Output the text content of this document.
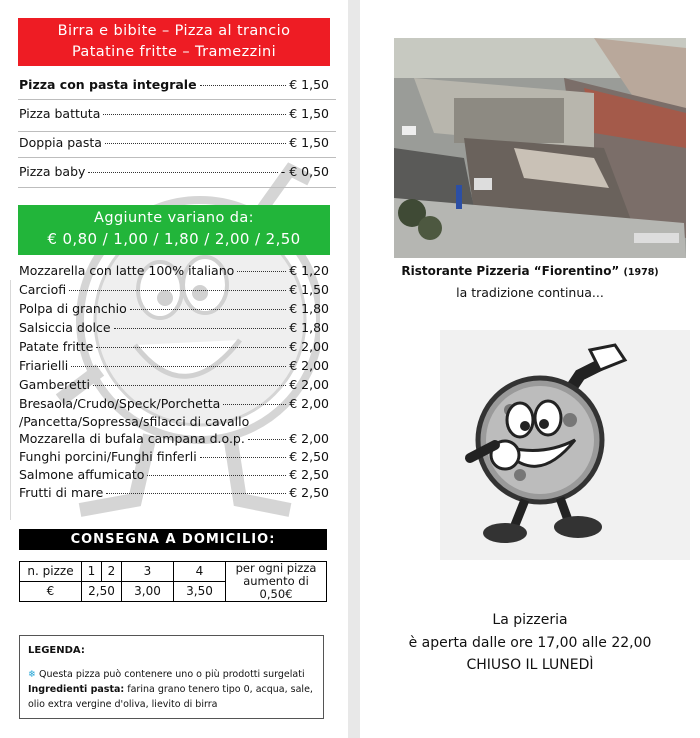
Birra e bibite – Pizza al trancio
Patatine fritte – Tramezzini
Pizza con pasta integrale	€ 1,50
Pizza battuta	€ 1,50
Doppia pasta	€ 1,50
Pizza baby	- € 0,50
Aggiunte variano da:
€ 0,80 / 1,00 / 1,80 / 2,00 / 2,50
Mozzarella con latte 100% italiano	€ 1,20
Carciofi	€ 1,50
Polpa di granchio	€ 1,80
Salsiccia dolce	€ 1,80
Patate fritte	€ 2,00
Friarielli	€ 2,00
Gamberetti	€ 2,00
Bresaola/Crudo/Speck/Porchetta	€ 2,00
/Pancetta/Sopressa/sfilacci di cavallo
Mozzarella di bufala campana d.o.p.	€ 2,00
Funghi porcini/Funghi finferli	€ 2,50
Salmone affumicato	€ 2,50
Frutti di mare	€ 2,50
CONSEGNA A DOMICILIO:
n. pizze	1	2	3	4	per ogni pizza aumento di 0,50€
€	2,50		3,00	3,50	
LEGENDA:
❄ Questa pizza può contenere uno o più prodotti surgelati
Ingredienti pasta: farina grano tenero tipo 0, acqua, sale,
olio extra vergine d'oliva, lievito di birra
Ristorante Pizzeria “Fiorentino” (1978)
la tradizione continua...
La pizzeria
è aperta dalle ore 17,00 alle 22,00
CHIUSO IL LUNEDÌ
